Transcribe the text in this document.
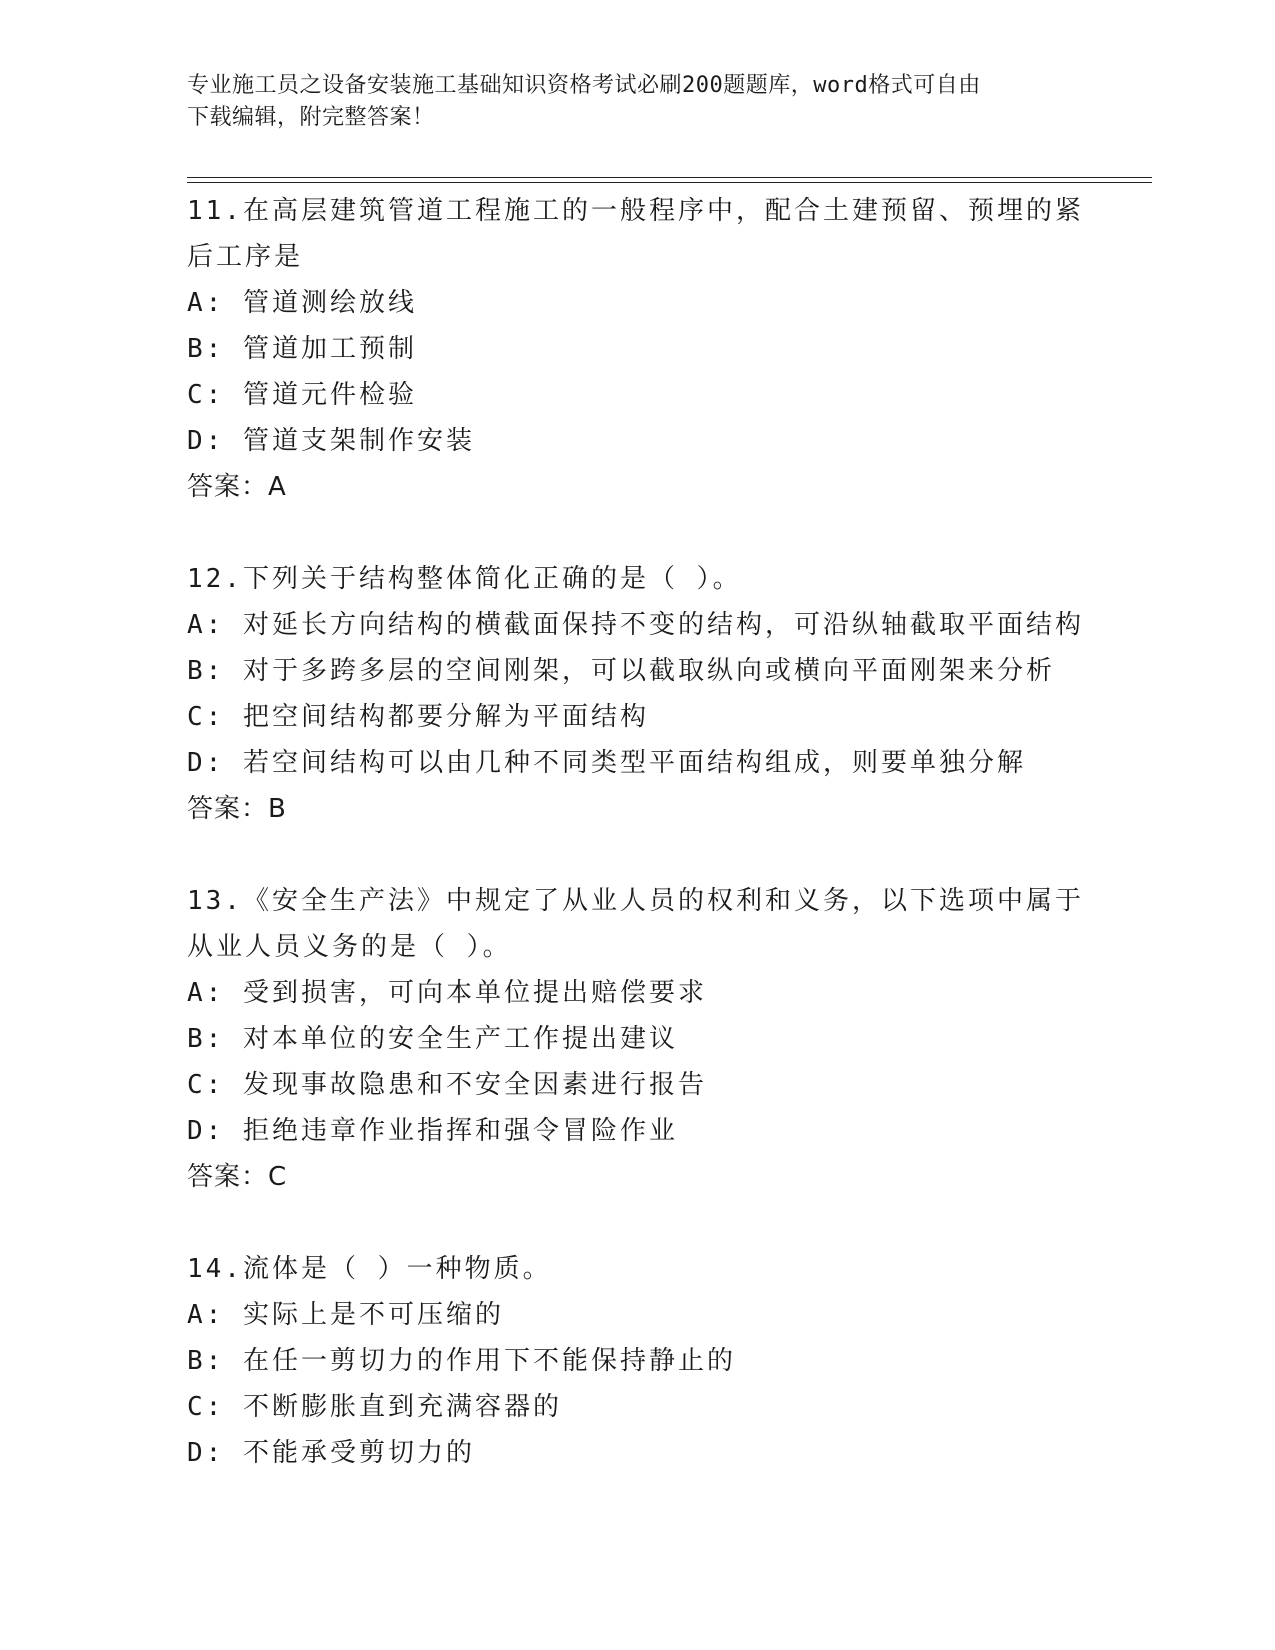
专业施工员之设备安装施工基础知识资格考试必刷200题题库，word格式可自由
下载编辑，附完整答案！
11.在高层建筑管道工程施工的一般程序中，配合土建预留、预埋的紧
后工序是
A: 管道测绘放线
B: 管道加工预制
C: 管道元件检验
D: 管道支架制作安装
答案：A
12.下列关于结构整体简化正确的是（ ）。
A: 对延长方向结构的横截面保持不变的结构，可沿纵轴截取平面结构
B: 对于多跨多层的空间刚架，可以截取纵向或横向平面刚架来分析
C: 把空间结构都要分解为平面结构
D: 若空间结构可以由几种不同类型平面结构组成，则要单独分解
答案：B
13.《安全生产法》中规定了从业人员的权利和义务，以下选项中属于
从业人员义务的是（ ）。
A: 受到损害，可向本单位提出赔偿要求
B: 对本单位的安全生产工作提出建议
C: 发现事故隐患和不安全因素进行报告
D: 拒绝违章作业指挥和强令冒险作业
答案：C
14.流体是（ ）一种物质。
A: 实际上是不可压缩的
B: 在任一剪切力的作用下不能保持静止的
C: 不断膨胀直到充满容器的
D: 不能承受剪切力的
